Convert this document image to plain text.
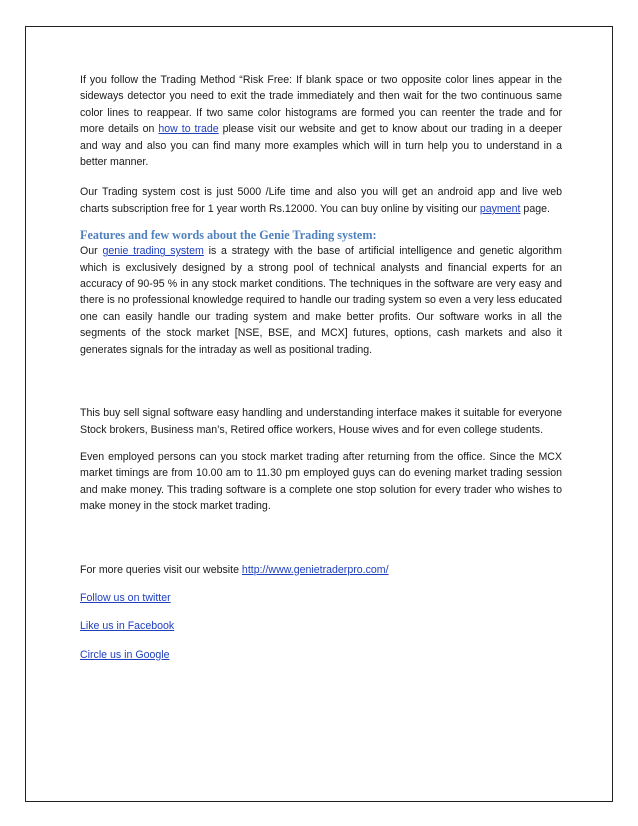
If you follow the Trading Method “Risk Free: If blank space or two opposite color lines appear in the sideways detector you need to exit the trade immediately and then wait for the two continuous same color lines to reappear. If two same color histograms are formed you can reenter the trade and for more details on how to trade please visit our website and get to know about our trading in a deeper and way and also you can find many more examples which will in turn help you to understand in a better manner.

Our Trading system cost is just 5000 /Life time and also you will get an android app and live web charts subscription free for 1 year worth Rs.12000. You can buy online by visiting our payment page.

Features and few words about the Genie Trading system:

Our genie trading system is a strategy with the base of artificial intelligence and genetic algorithm which is exclusively designed by a strong pool of technical analysts and financial experts for an accuracy of 90-95 % in any stock market conditions. The techniques in the software are very easy and there is no professional knowledge required to handle our trading system so even a very less educated one can easily handle our trading system and make better profits. Our software works in all the segments of the stock market [NSE, BSE, and MCX] futures, options, cash markets and also it generates signals for the intraday as well as positional trading.

This buy sell signal software easy handling and understanding interface makes it suitable for everyone Stock brokers, Business man’s, Retired office workers, House wives and for even college students.

Even employed persons can you stock market trading after returning from the office. Since the MCX market timings are from 10.00 am to 11.30 pm employed guys can do evening market trading session and make money. This trading software is a complete one stop solution for every trader who wishes to make money in the stock market trading.

For more queries visit our website http://www.genietraderpro.com/

Follow us on twitter

Like us in Facebook

Circle us in Google
